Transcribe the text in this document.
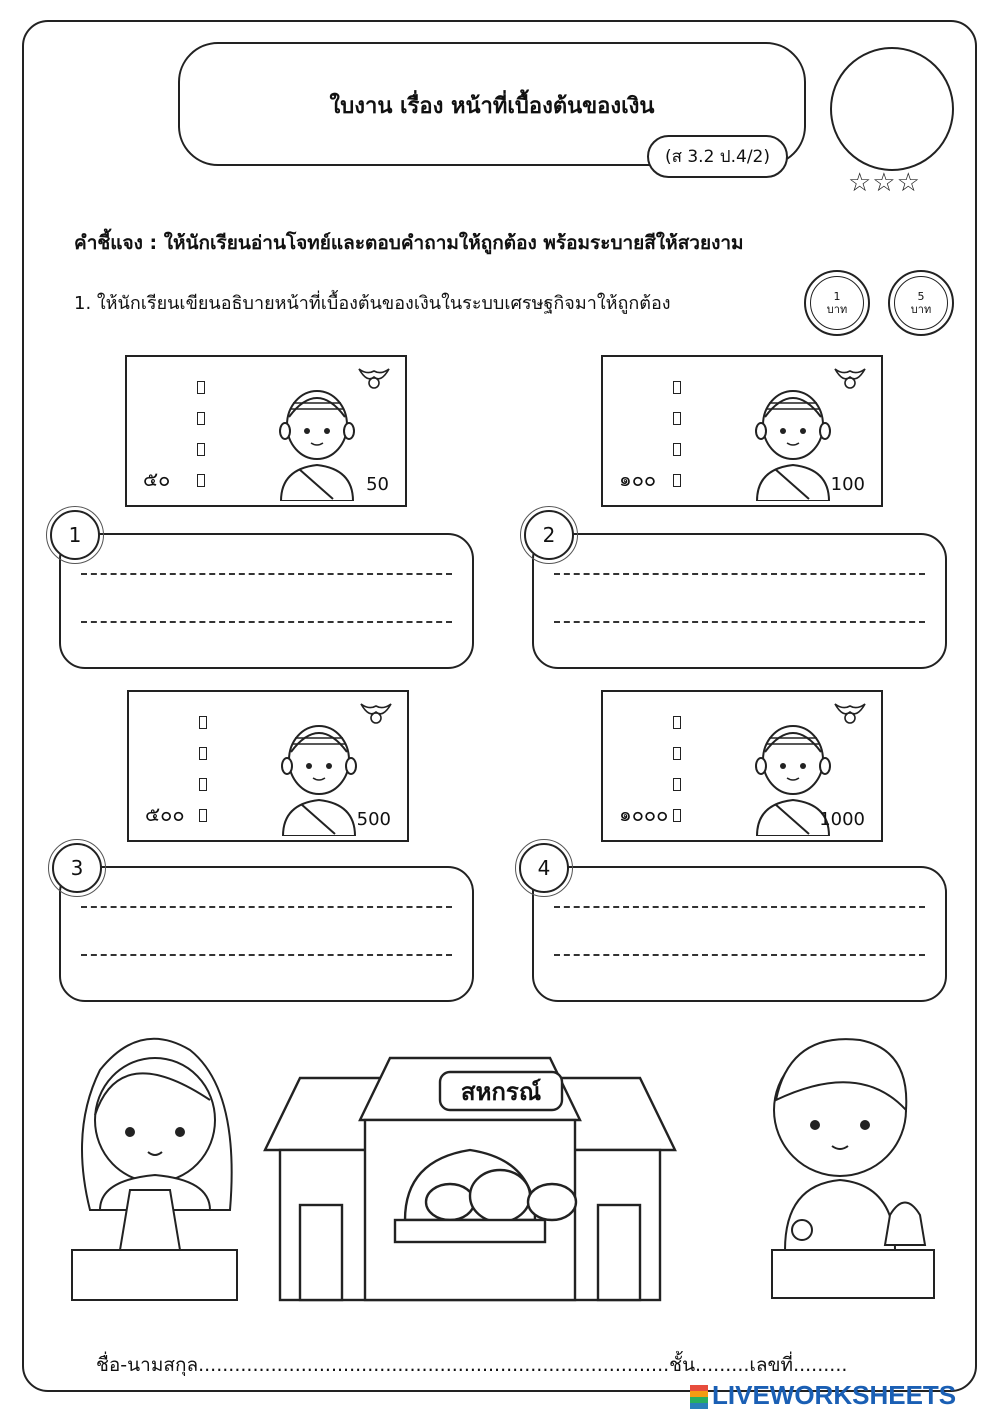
ใบงาน เรื่อง หน้าที่เบื้องต้นของเงิน
(ส 3.2 ป.4/2)
☆☆☆
คำชี้แจง : ให้นักเรียนอ่านโจทย์และตอบคำถามให้ถูกต้อง พร้อมระบายสีให้สวยงาม
1. ให้นักเรียนเขียนอธิบายหน้าที่เบื้องต้นของเงินในระบบเศรษฐกิจมาให้ถูกต้อง	1
บาท
5
บาท
๕๐	50	๑๐๐	100
1	2
๕๐๐	500	๑๐๐๐	1000
3	4
สหกรณ์
ชื่อ-นามสกุล..............................................................................ชั้น.........เลขที่.........
LIVEWORKSHEETS
